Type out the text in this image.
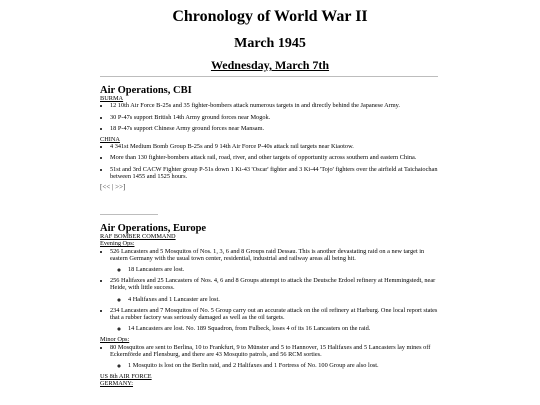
Chronology of World War II
March 1945
Wednesday, March 7th
Air Operations, CBI
BURMA
• 12 10th Air Force B-25s and 35 fighter-bombers attack numerous targets in and directly behind the Japanese Army.
• 30 P-47s support British 14th Army ground forces near Mogok.
• 18 P-47s support Chinese Army ground forces near Mansam.
CHINA
• 4 341st Medium Bomb Group B-25s and 9 14th Air Force P-40s attack rail targets near Kiaotow.
• More than 130 fighter-bombers attack rail, road, river, and other targets of opportunity across southern and eastern China.
• 51st and 3rd CACW Fighter group P-51s down 1 Ki-43 'Oscar' fighter and 3 Ki-44 'Tojo' fighters over the airfield at Taichaiochan between 1455 and 1525 hours.
[<< | >>]
Air Operations, Europe
RAF BOMBER COMMAND
Evening Ops:
• 526 Lancasters and 5 Mosquitos of Nos. 1, 3, 6 and 8 Groups raid Dessau. This is another devastating raid on a new target in eastern Germany with the usual town center, residential, industrial and railway areas all being hit.
◦ 18 Lancasters are lost.
• 256 Halifaxes and 25 Lancasters of Nos. 4, 6 and 8 Groups attempt to attack the Deutsche Erdoel refinery at Hemmingstedt, near Heide, with little success.
◦ 4 Halifaxes and 1 Lancaster are lost.
• 234 Lancasters and 7 Mosquitos of No. 5 Group carry out an accurate attack on the oil refinery at Harburg. One local report states that a rubber factory was seriously damaged as well as the oil targets.
◦ 14 Lancasters are lost. No. 189 Squadron, from Fulbeck, loses 4 of its 16 Lancasters on the raid.
Minor Ops:
• 80 Mosquitos are sent to Berlina, 10 to Frankfurt, 9 to Münster and 5 to Hannover, 15 Halifaxes and 5 Lancasters lay mines off Eckernförde and Flensburg, and there are 43 Mosquito patrols, and 56 RCM sorties.
◦ 1 Mosquito is lost on the Berlin raid, and 2 Halifaxes and 1 Fortress of No. 100 Group are also lost.
US 8th AIR FORCE
GERMANY:
